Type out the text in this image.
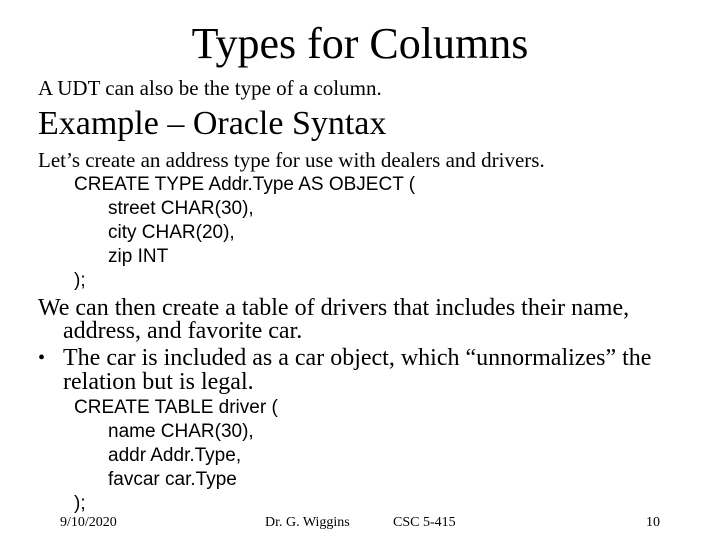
Types for Columns
A UDT can also be the type of a column.
Example – Oracle Syntax
Let’s create an address type for use with dealers and drivers.
CREATE TYPE Addr.Type AS OBJECT (
street CHAR(30),
city CHAR(20),
zip INT
);
We can then create a table of drivers that includes their name,
address, and favorite car.
• The car is included as a car object, which “unnormalizes” the
relation but is legal.
CREATE TABLE driver (
name CHAR(30),
addr Addr.Type,
favcar car.Type
);
9/10/2020	Dr. G. Wiggins	CSC 5-415	10
